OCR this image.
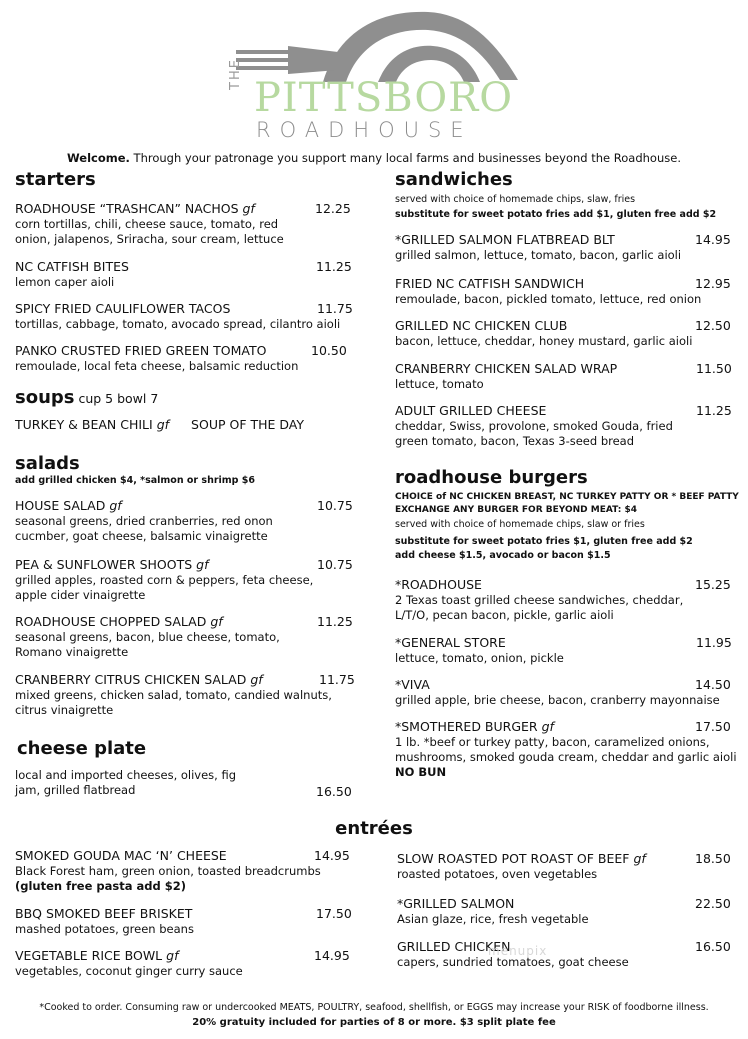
THE
PITTSBORO
ROADHOUSE
Welcome. Through your patronage you support many local farms and businesses beyond the Roadhouse.
starters
ROADHOUSE “TRASHCAN” NACHOS gf	12.25
corn tortillas, chili, cheese sauce, tomato, red onion, jalapenos, Sriracha, sour cream, lettuce
NC CATFISH BITES	11.25
lemon caper aioli
SPICY FRIED CAULIFLOWER TACOS	11.75
tortillas, cabbage, tomato, avocado spread, cilantro aioli
PANKO CRUSTED FRIED GREEN TOMATO	10.50
remoulade, local feta cheese, balsamic reduction
soups cup 5 bowl 7
TURKEY & BEAN CHILI gf SOUP OF THE DAY
salads
add grilled chicken $4, *salmon or shrimp $6
HOUSE SALAD gf	10.75
seasonal greens, dried cranberries, red onon cucmber, goat cheese, balsamic vinaigrette
PEA & SUNFLOWER SHOOTS gf	10.75
grilled apples, roasted corn & peppers, feta cheese, apple cider vinaigrette
ROADHOUSE CHOPPED SALAD gf	11.25
seasonal greens, bacon, blue cheese, tomato, Romano vinaigrette
CRANBERRY CITRUS CHICKEN SALAD gf	11.75
mixed greens, chicken salad, tomato, candied walnuts, citrus vinaigrette
cheese plate
local and imported cheeses, olives, fig jam, grilled flatbread	16.50
sandwiches
served with choice of homemade chips, slaw, fries
substitute for sweet potato fries add $1, gluten free add $2
*GRILLED SALMON FLATBREAD BLT	14.95
grilled salmon, lettuce, tomato, bacon, garlic aioli
FRIED NC CATFISH SANDWICH	12.95
remoulade, bacon, pickled tomato, lettuce, red onion
GRILLED NC CHICKEN CLUB	12.50
bacon, lettuce, cheddar, honey mustard, garlic aioli
CRANBERRY CHICKEN SALAD WRAP	11.50
lettuce, tomato
ADULT GRILLED CHEESE	11.25
cheddar, Swiss, provolone, smoked Gouda, fried green tomato, bacon, Texas 3-seed bread
roadhouse burgers
CHOICE of NC CHICKEN BREAST, NC TURKEY PATTY OR * BEEF PATTY
EXCHANGE ANY BURGER FOR BEYOND MEAT: $4
served with choice of homemade chips, slaw or fries
substitute for sweet potato fries $1, gluten free add $2
add cheese $1.5, avocado or bacon $1.5
*ROADHOUSE	15.25
2 Texas toast grilled cheese sandwiches, cheddar, L/T/O, pecan bacon, pickle, garlic aioli
*GENERAL STORE	11.95
lettuce, tomato, onion, pickle
*VIVA	14.50
grilled apple, brie cheese, bacon, cranberry mayonnaise
*SMOTHERED BURGER gf	17.50
1 lb. *beef or turkey patty, bacon, caramelized onions, mushrooms, smoked gouda cream, cheddar and garlic aioli
NO BUN
entrées
SMOKED GOUDA MAC ‘N’ CHEESE	14.95
Black Forest ham, green onion, toasted breadcrumbs
(gluten free pasta add $2)
BBQ SMOKED BEEF BRISKET	17.50
mashed potatoes, green beans
VEGETABLE RICE BOWL gf	14.95
vegetables, coconut ginger curry sauce
SLOW ROASTED POT ROAST OF BEEF gf	18.50
roasted potatoes, oven vegetables
*GRILLED SALMON	22.50
Asian glaze, rice, fresh vegetable
GRILLED CHICKEN	16.50
capers, sundried tomatoes, goat cheese
menupix
*Cooked to order. Consuming raw or undercooked MEATS, POULTRY, seafood, shellfish, or EGGS may increase your RISK of foodborne illness.
20% gratuity included for parties of 8 or more. $3 split plate fee
